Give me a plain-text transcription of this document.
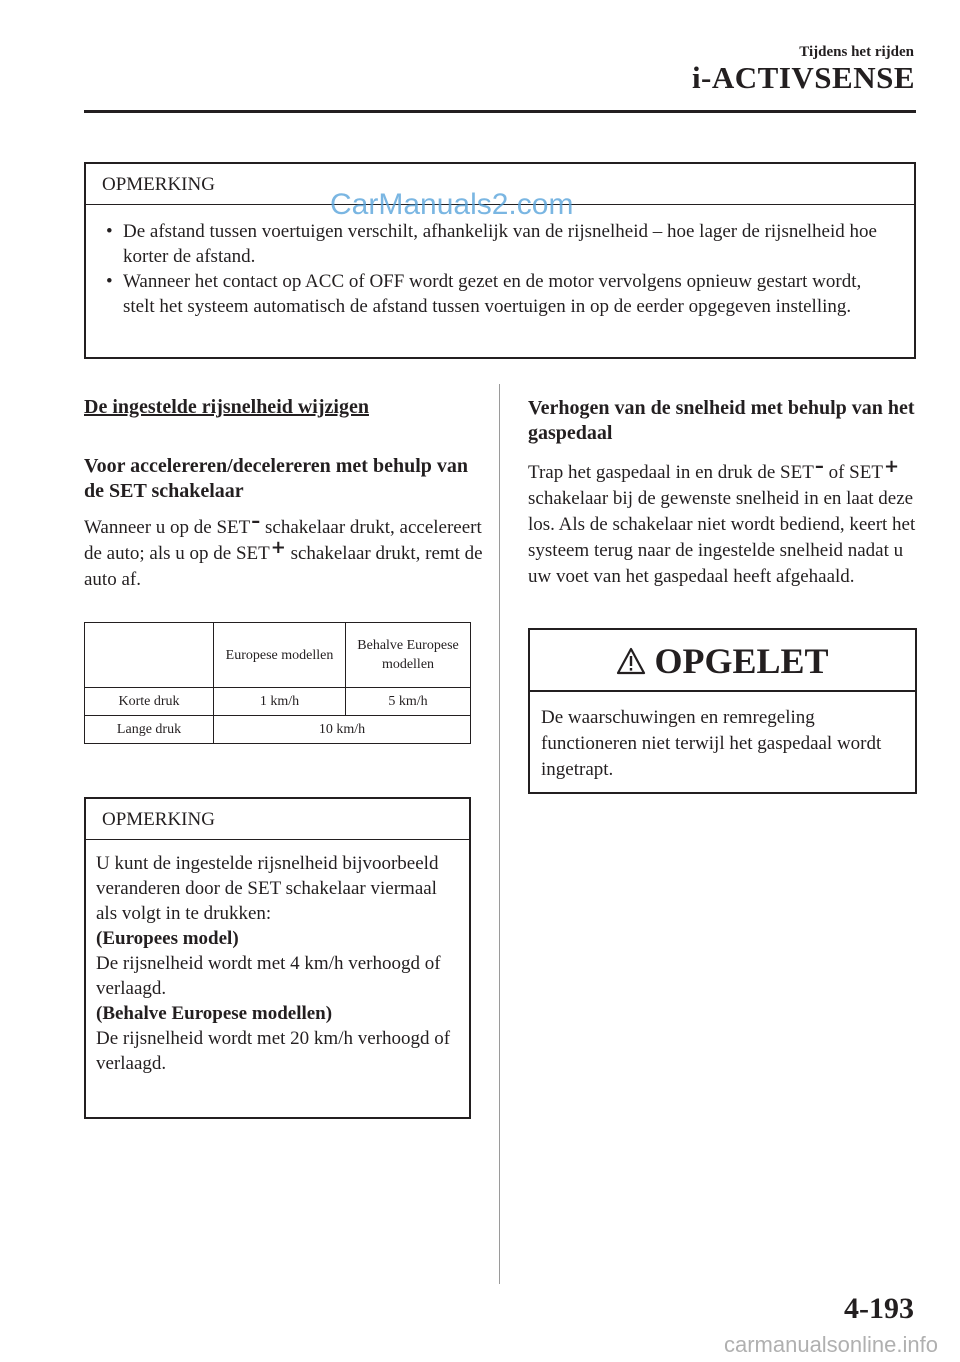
Tijdens het rijden
i-ACTIVSENSE
OPMERKING
• De afstand tussen voertuigen verschilt, afhankelijk van de rijsnelheid – hoe lager de rijsnelheid hoe korter de afstand.
• Wanneer het contact op ACC of OFF wordt gezet en de motor vervolgens opnieuw gestart wordt, stelt het systeem automatisch de afstand tussen voertuigen in op de eerder opgegeven instelling.
CarManuals2.com
De ingestelde rijsnelheid wijzigen
Voor accelereren/decelereren met behulp van de SET schakelaar
Wanneer u op de SET– schakelaar drukt, accelereert de auto; als u op de SET+ schakelaar drukt, remt de auto af.
	Europese modellen	Behalve Europese modellen
Korte druk	1 km/h	5 km/h
Lange druk	10 km/h	
OPMERKING
U kunt de ingestelde rijsnelheid bijvoorbeeld veranderen door de SET schakelaar viermaal als volgt in te drukken:
(Europees model)
De rijsnelheid wordt met 4 km/h verhoogd of verlaagd.
(Behalve Europese modellen)
De rijsnelheid wordt met 20 km/h verhoogd of verlaagd.
Verhogen van de snelheid met behulp van het gaspedaal
Trap het gaspedaal in en druk de SET– of SET+ schakelaar bij de gewenste snelheid in en laat deze los. Als de schakelaar niet wordt bediend, keert het systeem terug naar de ingestelde snelheid nadat u uw voet van het gaspedaal heeft afgehaald.
OPGELET
De waarschuwingen en remregeling functioneren niet terwijl het gaspedaal wordt ingetrapt.
4-193
carmanualsonline.info
